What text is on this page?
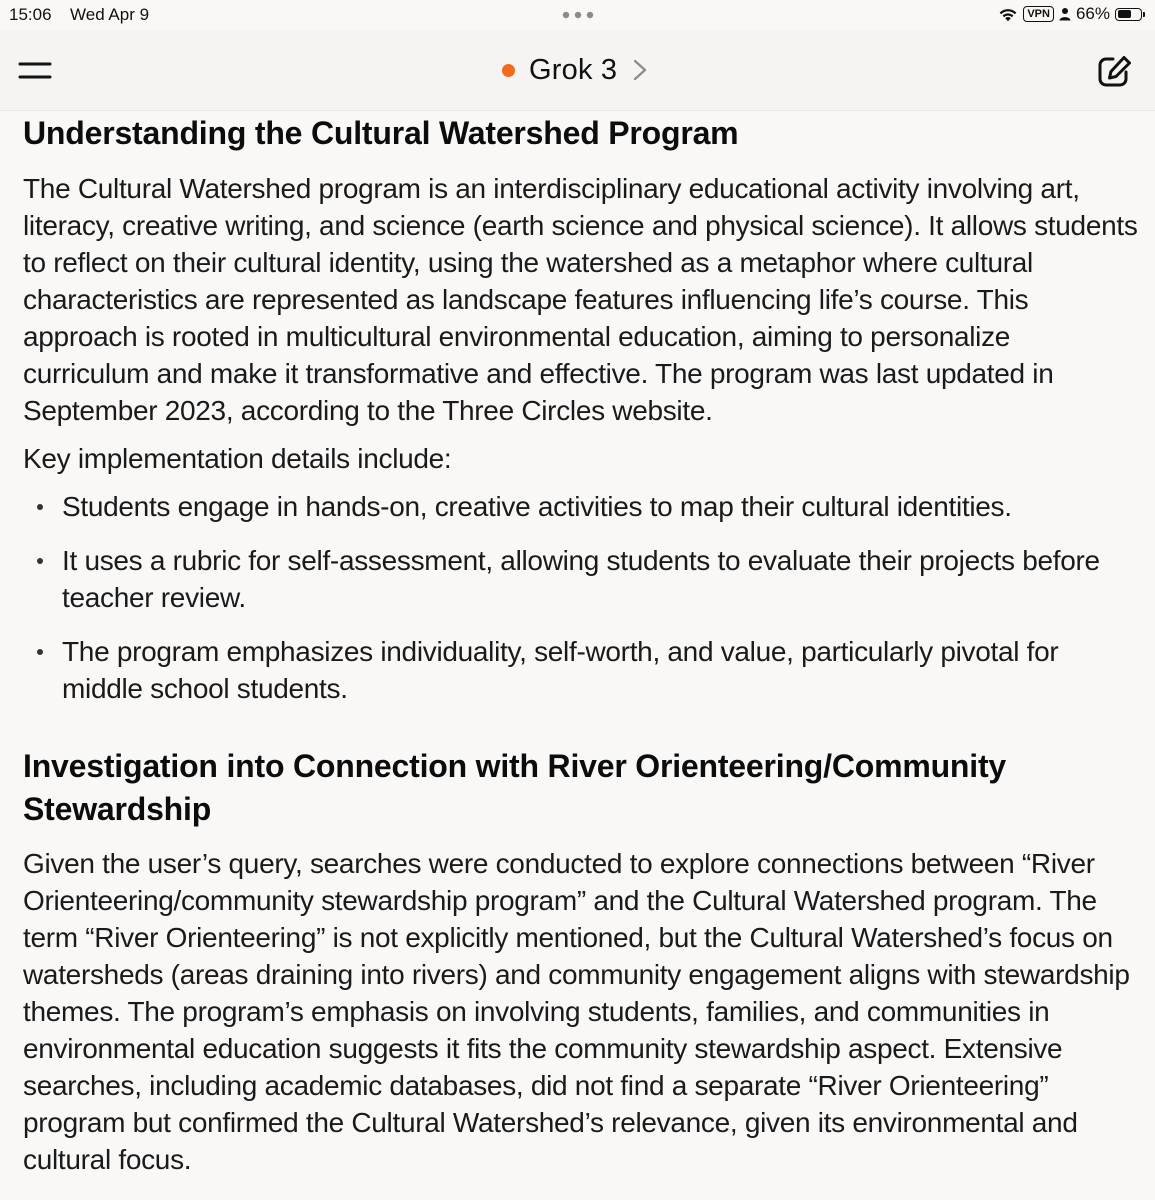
15:06 Wed Apr 9	VPN 66%
Grok 3
Understanding the Cultural Watershed Program

The Cultural Watershed program is an interdisciplinary educational activity involving art, literacy, creative writing, and science (earth science and physical science). It allows students to reflect on their cultural identity, using the watershed as a metaphor where cultural characteristics are represented as landscape features influencing life’s course. This approach is rooted in multicultural environmental education, aiming to personalize curriculum and make it transformative and effective. The program was last updated in September 2023, according to the Three Circles website.

Key implementation details include:

Students engage in hands-on, creative activities to map their cultural identities.
It uses a rubric for self-assessment, allowing students to evaluate their projects before teacher review.
The program emphasizes individuality, self-worth, and value, particularly pivotal for middle school students.
Investigation into Connection with River Orienteering/Community Stewardship

Given the user’s query, searches were conducted to explore connections between “River Orienteering/community stewardship program” and the Cultural Watershed program. The term “River Orienteering” is not explicitly mentioned, but the Cultural Watershed’s focus on watersheds (areas draining into rivers) and community engagement aligns with stewardship themes. The program’s emphasis on involving students, families, and communities in environmental education suggests it fits the community stewardship aspect. Extensive searches, including academic databases, did not find a separate “River Orienteering” program but confirmed the Cultural Watershed’s relevance, given its environmental and cultural focus.
